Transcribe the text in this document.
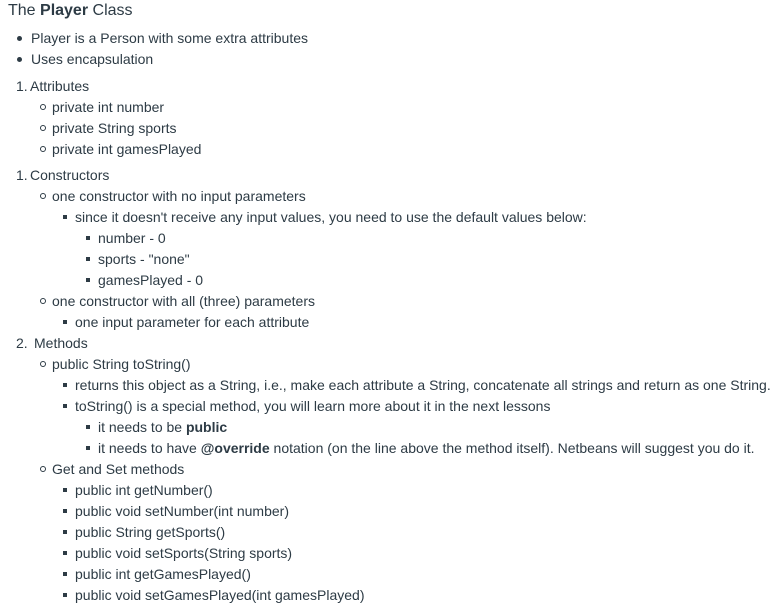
The Player Class
Player is a Person with some extra attributes
Uses encapsulation
1. Attributes
private int number
private String sports
private int gamesPlayed
1. Constructors
one constructor with no input parameters
since it doesn't receive any input values, you need to use the default values below:
number - 0
sports - "none"
gamesPlayed - 0
one constructor with all (three) parameters
one input parameter for each attribute
2. Methods
public String toString()
returns this object as a String, i.e., make each attribute a String, concatenate all strings and return as one String.
toString() is a special method, you will learn more about it in the next lessons
it needs to be public
it needs to have @override notation (on the line above the method itself). Netbeans will suggest you do it.
Get and Set methods
public int getNumber()
public void setNumber(int number)
public String getSports()
public void setSports(String sports)
public int getGamesPlayed()
public void setGamesPlayed(int gamesPlayed)
